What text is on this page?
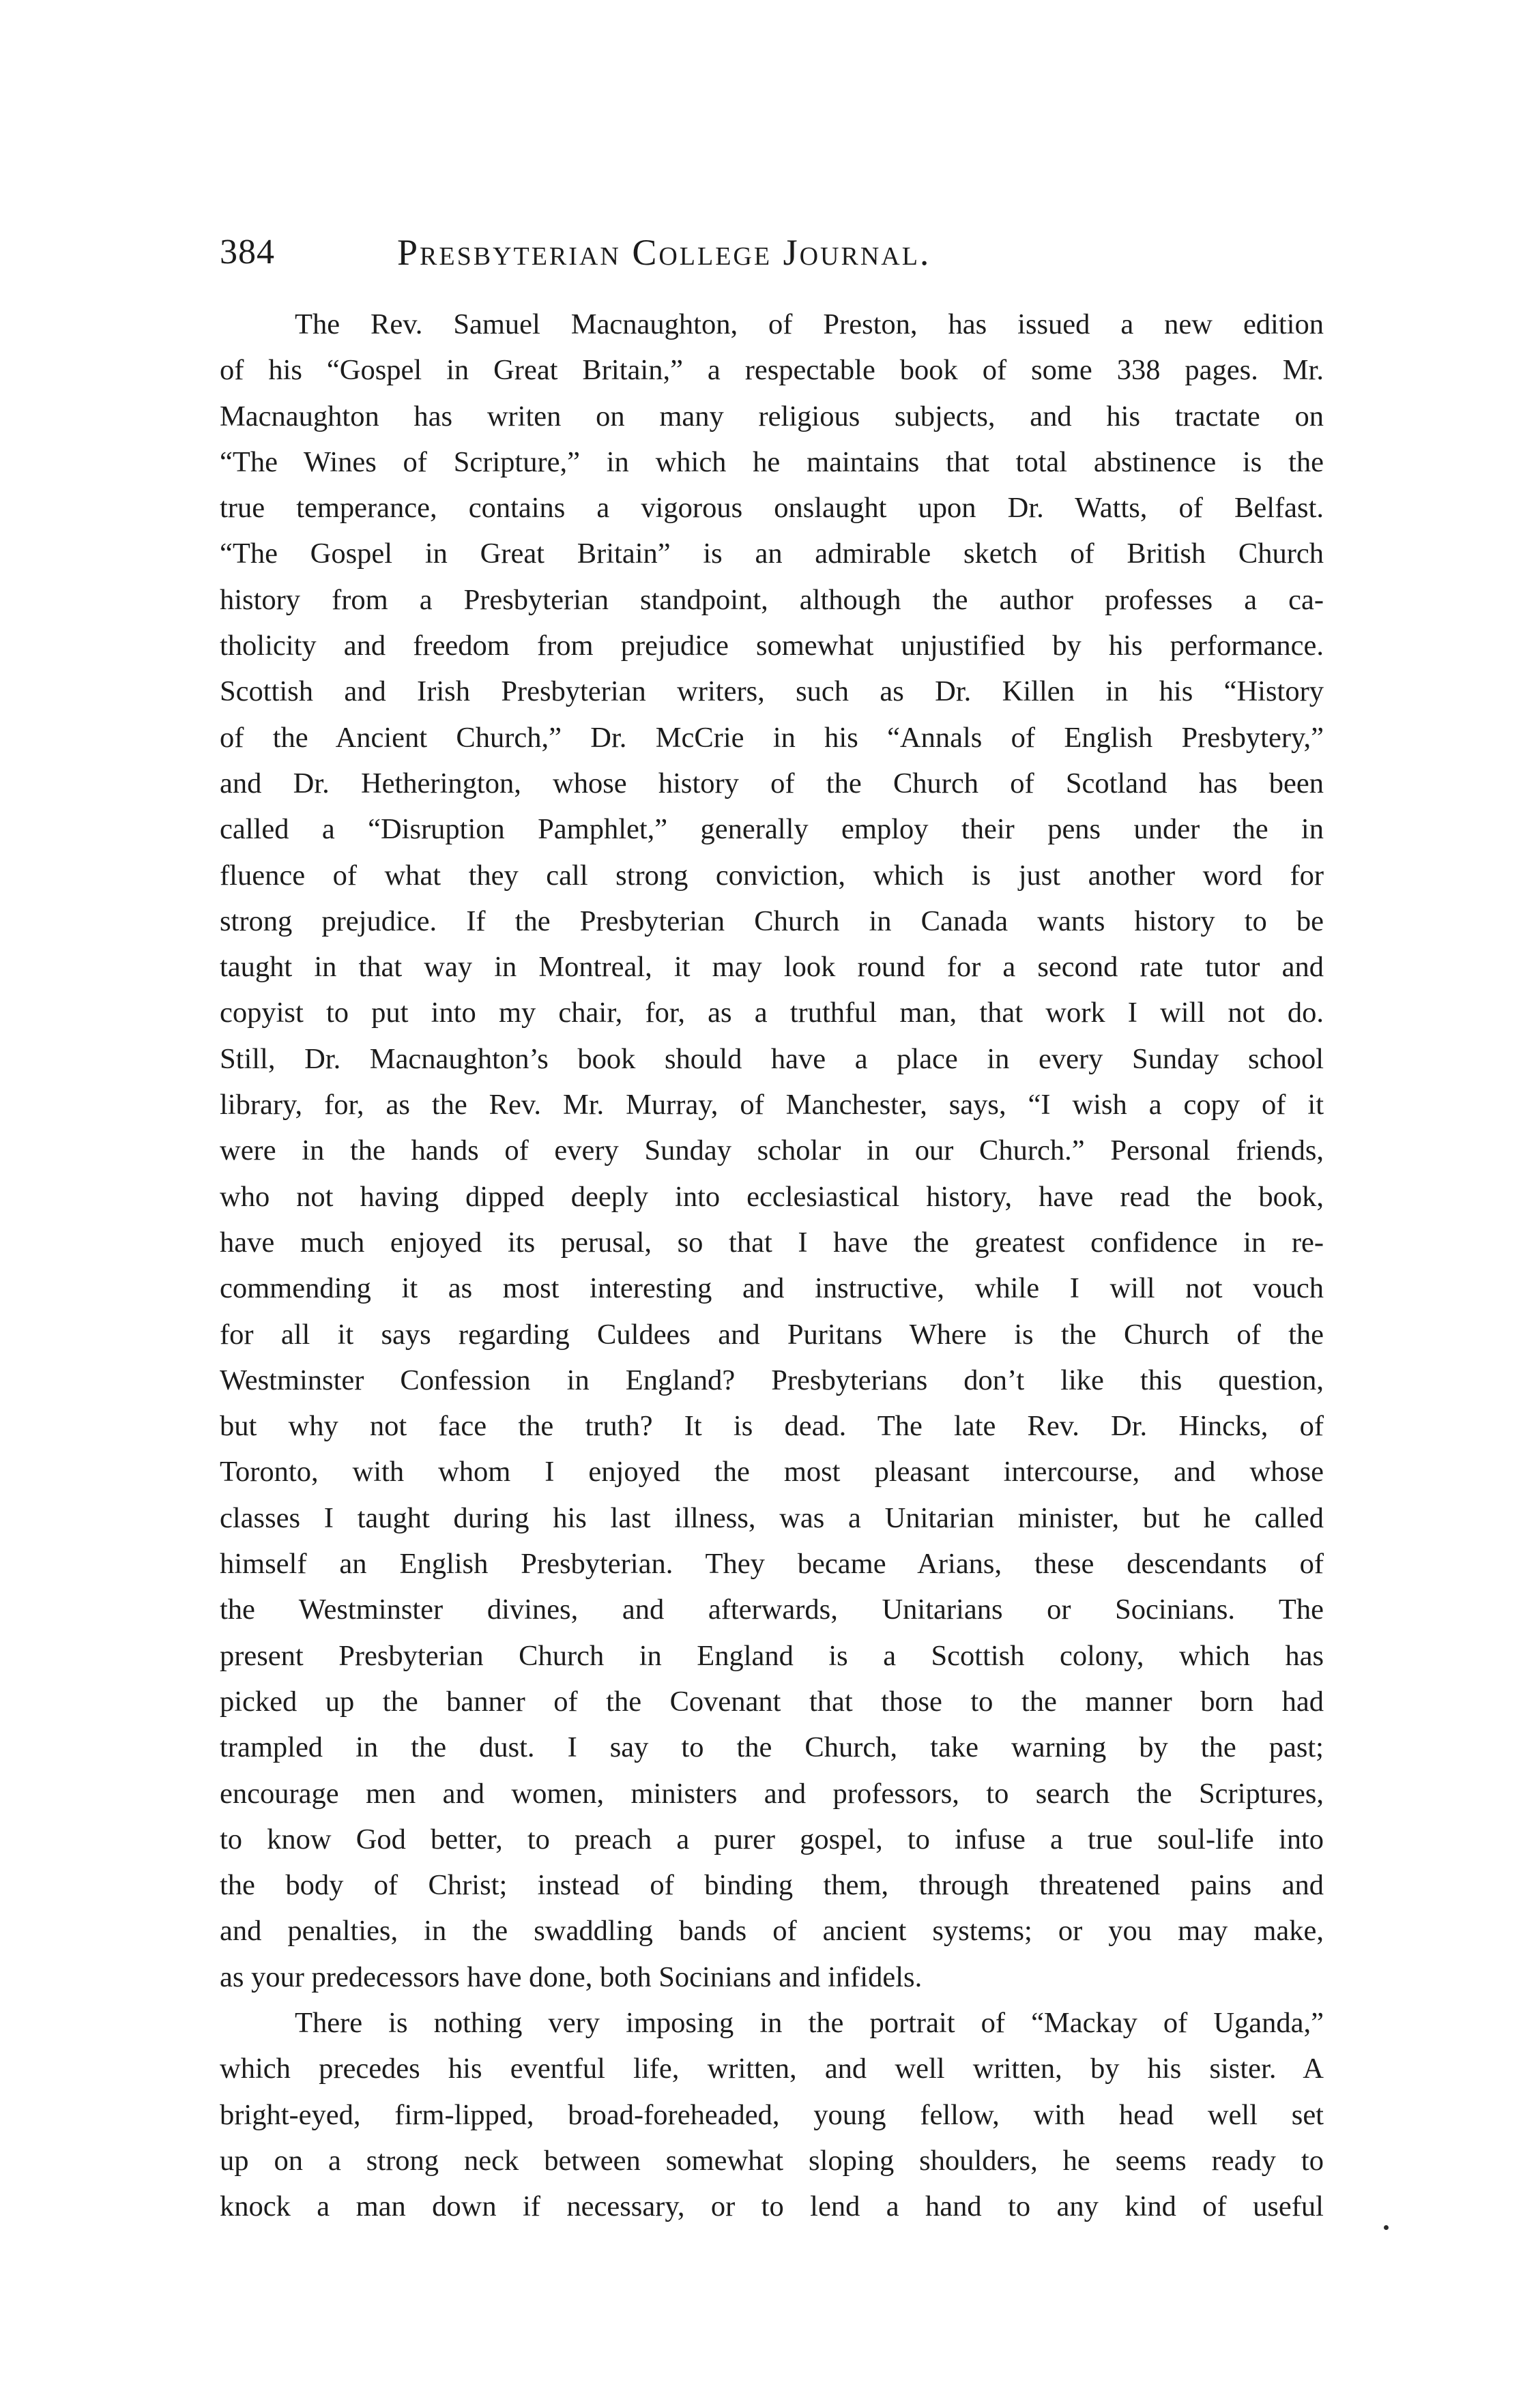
384	Presbyterian College Journal.

The Rev. Samuel Macnaughton, of Preston, has issued a new edition
of his “Gospel in Great Britain,” a respectable book of some 338 pages. Mr.
Macnaughton has writen on many religious subjects, and his tractate on
“The Wines of Scripture,” in which he maintains that total abstinence is the
true temperance, contains a vigorous onslaught upon Dr. Watts, of Belfast.
“The Gospel in Great Britain” is an admirable sketch of British Church
history from a Presbyterian standpoint, although the author professes a ca-
tholicity and freedom from prejudice somewhat unjustified by his performance.
Scottish and Irish Presbyterian writers, such as Dr. Killen in his “History
of the Ancient Church,” Dr. McCrie in his “Annals of English Presbytery,”
and Dr. Hetherington, whose history of the Church of Scotland has been
called a “Disruption Pamphlet,” generally employ their pens under the in
fluence of what they call strong conviction, which is just another word for
strong prejudice. If the Presbyterian Church in Canada wants history to be
taught in that way in Montreal, it may look round for a second rate tutor and
copyist to put into my chair, for, as a truthful man, that work I will not do.
Still, Dr. Macnaughton’s book should have a place in every Sunday school
library, for, as the Rev. Mr. Murray, of Manchester, says, “I wish a copy of it
were in the hands of every Sunday scholar in our Church.” Personal friends,
who not having dipped deeply into ecclesiastical history, have read the book,
have much enjoyed its perusal, so that I have the greatest confidence in re-
commending it as most interesting and instructive, while I will not vouch
for all it says regarding Culdees and Puritans Where is the Church of the
Westminster Confession in England? Presbyterians don’t like this question,
but why not face the truth? It is dead. The late Rev. Dr. Hincks, of
Toronto, with whom I enjoyed the most pleasant intercourse, and whose
classes I taught during his last illness, was a Unitarian minister, but he called
himself an English Presbyterian. They became Arians, these descendants of
the Westminster divines, and afterwards, Unitarians or Socinians. The
present Presbyterian Church in England is a Scottish colony, which has
picked up the banner of the Covenant that those to the manner born had
trampled in the dust. I say to the Church, take warning by the past;
encourage men and women, ministers and professors, to search the Scriptures,
to know God better, to preach a purer gospel, to infuse a true soul-life into
the body of Christ; instead of binding them, through threatened pains and
and penalties, in the swaddling bands of ancient systems; or you may make,
as your predecessors have done, both Socinians and infidels.

There is nothing very imposing in the portrait of “Mackay of Uganda,”
which precedes his eventful life, written, and well written, by his sister. A
bright-eyed, firm-lipped, broad-foreheaded, young fellow, with head well set
up on a strong neck between somewhat sloping shoulders, he seems ready to
knock a man down if necessary, or to lend a hand to any kind of useful
